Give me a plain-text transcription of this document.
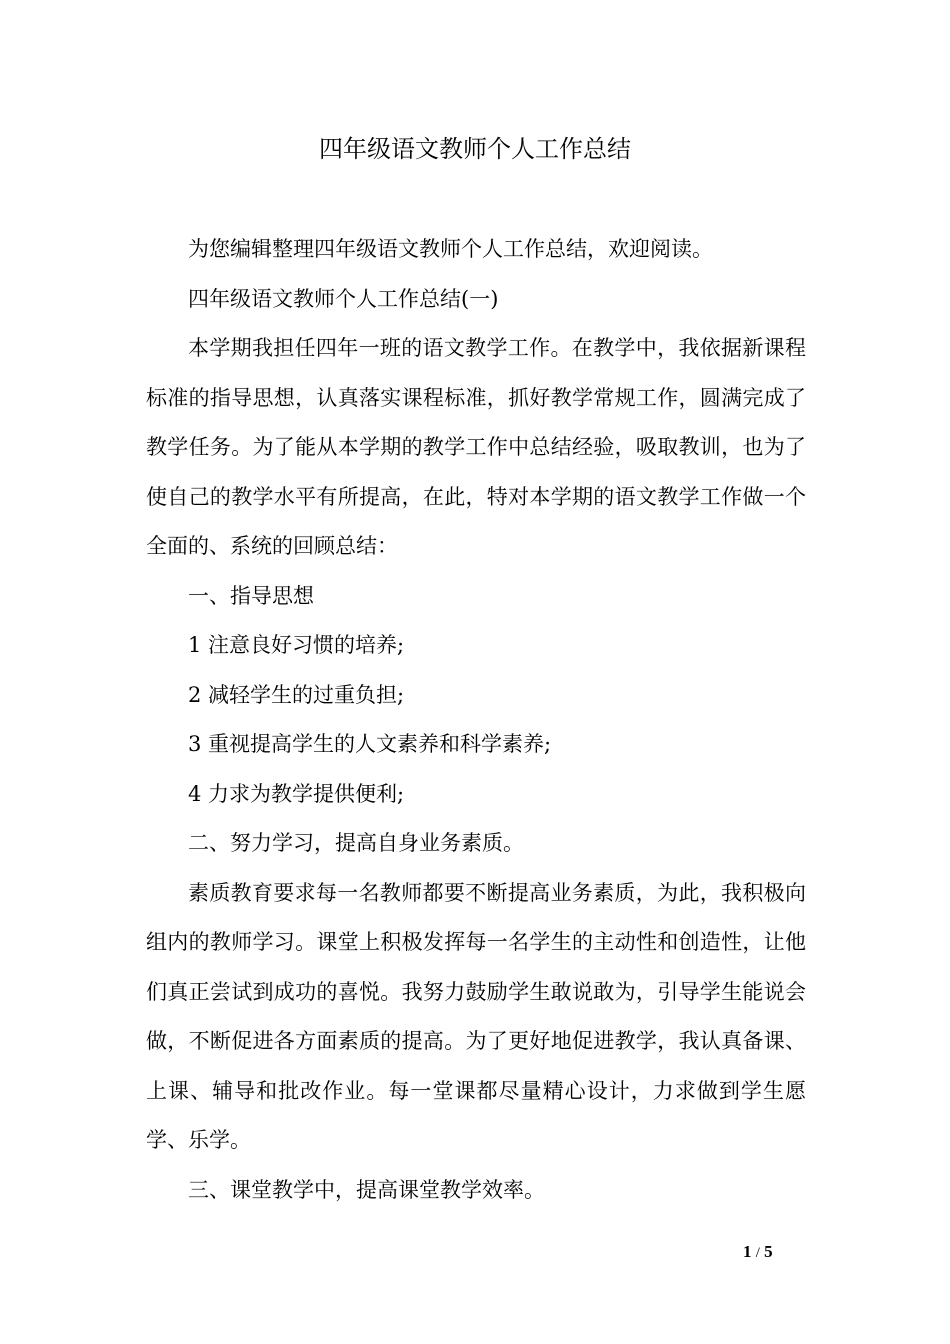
四年级语文教师个人工作总结

为您编辑整理四年级语文教师个人工作总结，欢迎阅读。

四年级语文教师个人工作总结(一)

本学期我担任四年一班的语文教学工作。在教学中，我依据新课程标准的指导思想，认真落实课程标准，抓好教学常规工作，圆满完成了教学任务。为了能从本学期的教学工作中总结经验，吸取教训，也为了使自己的教学水平有所提高，在此，特对本学期的语文教学工作做一个全面的、系统的回顾总结：

一、指导思想

1 注意良好习惯的培养;

2 减轻学生的过重负担;

3 重视提高学生的人文素养和科学素养;

4 力求为教学提供便利;

二、努力学习，提高自身业务素质。

素质教育要求每一名教师都要不断提高业务素质，为此，我积极向组内的教师学习。课堂上积极发挥每一名学生的主动性和创造性，让他们真正尝试到成功的喜悦。我努力鼓励学生敢说敢为，引导学生能说会做，不断促进各方面素质的提高。为了更好地促进教学，我认真备课、上课、辅导和批改作业。每一堂课都尽量精心设计，力求做到学生愿学、乐学。

三、课堂教学中，提高课堂教学效率。

1 / 5
